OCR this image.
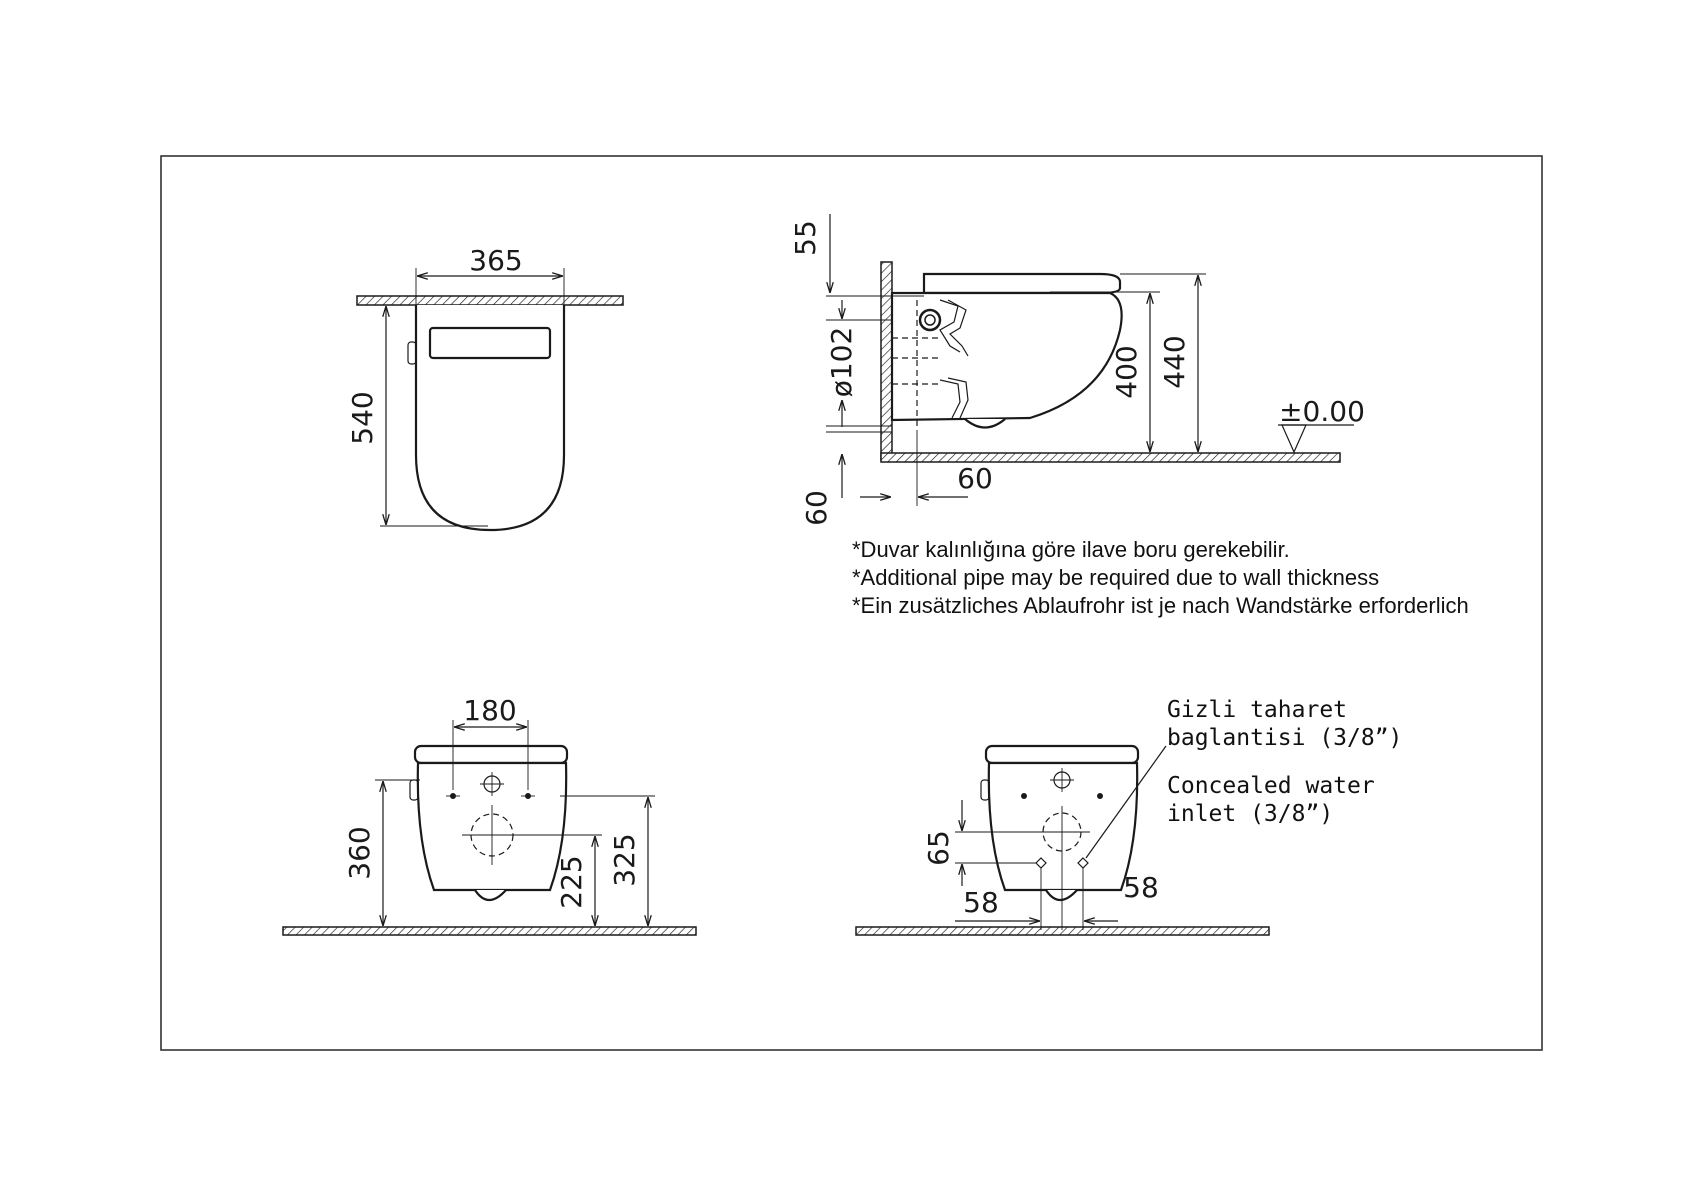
365
540
55
ø102	400 440
±0.00
60
60
*Duvar kalınlığına göre ilave boru gerekebilir.
*Additional pipe may be required due to wall thickness
*Ein zusätzliches Ablaufrohr ist je nach Wandstärke erforderlich
180
360
225 325	65
58	58
Gizli taharet
baglantisi (3/8”)
Concealed water
inlet (3/8”)
